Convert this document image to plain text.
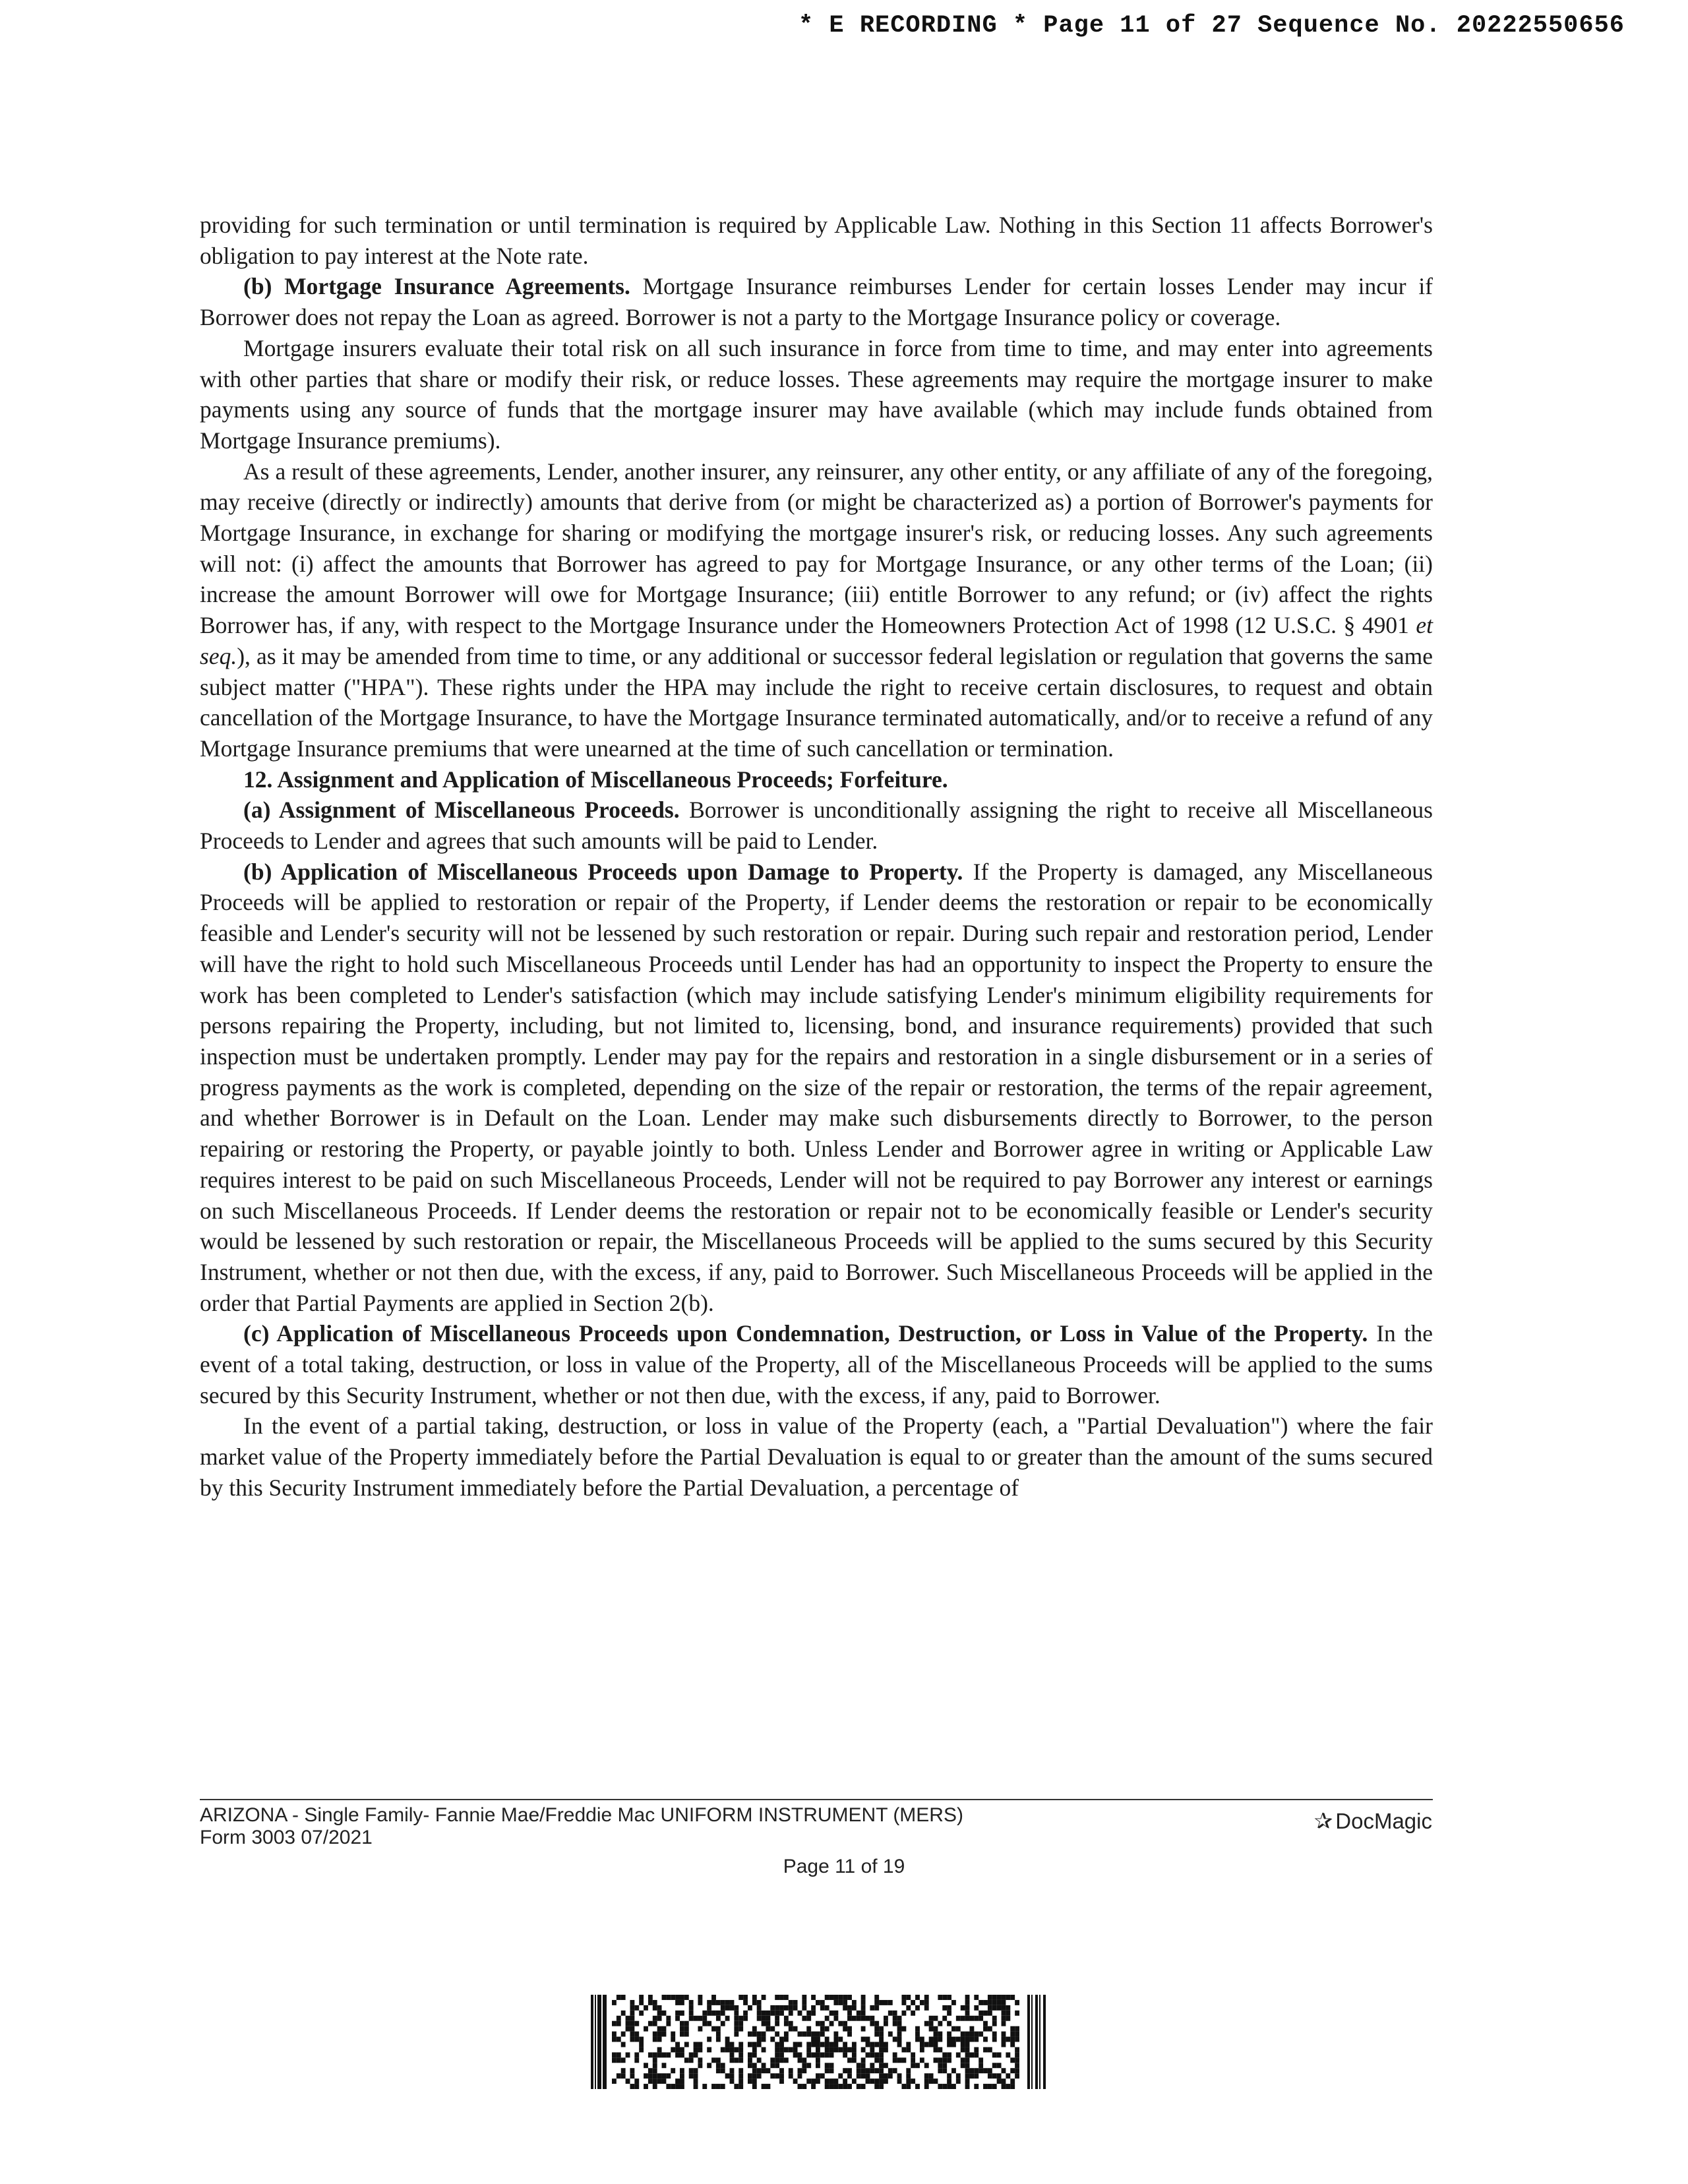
* E RECORDING * Page 11 of 27 Sequence No. 20222550656

providing for such termination or until termination is required by Applicable Law. Nothing in this Section 11 affects Borrower's obligation to pay interest at the Note rate.

(b) Mortgage Insurance Agreements. Mortgage Insurance reimburses Lender for certain losses Lender may incur if Borrower does not repay the Loan as agreed. Borrower is not a party to the Mortgage Insurance policy or coverage.

Mortgage insurers evaluate their total risk on all such insurance in force from time to time, and may enter into agreements with other parties that share or modify their risk, or reduce losses. These agreements may require the mortgage insurer to make payments using any source of funds that the mortgage insurer may have available (which may include funds obtained from Mortgage Insurance premiums).

As a result of these agreements, Lender, another insurer, any reinsurer, any other entity, or any affiliate of any of the foregoing, may receive (directly or indirectly) amounts that derive from (or might be characterized as) a portion of Borrower's payments for Mortgage Insurance, in exchange for sharing or modifying the mortgage insurer's risk, or reducing losses. Any such agreements will not: (i) affect the amounts that Borrower has agreed to pay for Mortgage Insurance, or any other terms of the Loan; (ii) increase the amount Borrower will owe for Mortgage Insurance; (iii) entitle Borrower to any refund; or (iv) affect the rights Borrower has, if any, with respect to the Mortgage Insurance under the Homeowners Protection Act of 1998 (12 U.S.C. § 4901 et seq.), as it may be amended from time to time, or any additional or successor federal legislation or regulation that governs the same subject matter ("HPA"). These rights under the HPA may include the right to receive certain disclosures, to request and obtain cancellation of the Mortgage Insurance, to have the Mortgage Insurance terminated automatically, and/or to receive a refund of any Mortgage Insurance premiums that were unearned at the time of such cancellation or termination.

12. Assignment and Application of Miscellaneous Proceeds; Forfeiture.

(a) Assignment of Miscellaneous Proceeds. Borrower is unconditionally assigning the right to receive all Miscellaneous Proceeds to Lender and agrees that such amounts will be paid to Lender.

(b) Application of Miscellaneous Proceeds upon Damage to Property. If the Property is damaged, any Miscellaneous Proceeds will be applied to restoration or repair of the Property, if Lender deems the restoration or repair to be economically feasible and Lender's security will not be lessened by such restoration or repair. During such repair and restoration period, Lender will have the right to hold such Miscellaneous Proceeds until Lender has had an opportunity to inspect the Property to ensure the work has been completed to Lender's satisfaction (which may include satisfying Lender's minimum eligibility requirements for persons repairing the Property, including, but not limited to, licensing, bond, and insurance requirements) provided that such inspection must be undertaken promptly. Lender may pay for the repairs and restoration in a single disbursement or in a series of progress payments as the work is completed, depending on the size of the repair or restoration, the terms of the repair agreement, and whether Borrower is in Default on the Loan. Lender may make such disbursements directly to Borrower, to the person repairing or restoring the Property, or payable jointly to both. Unless Lender and Borrower agree in writing or Applicable Law requires interest to be paid on such Miscellaneous Proceeds, Lender will not be required to pay Borrower any interest or earnings on such Miscellaneous Proceeds. If Lender deems the restoration or repair not to be economically feasible or Lender's security would be lessened by such restoration or repair, the Miscellaneous Proceeds will be applied to the sums secured by this Security Instrument, whether or not then due, with the excess, if any, paid to Borrower. Such Miscellaneous Proceeds will be applied in the order that Partial Payments are applied in Section 2(b).

(c) Application of Miscellaneous Proceeds upon Condemnation, Destruction, or Loss in Value of the Property. In the event of a total taking, destruction, or loss in value of the Property, all of the Miscellaneous Proceeds will be applied to the sums secured by this Security Instrument, whether or not then due, with the excess, if any, paid to Borrower.

In the event of a partial taking, destruction, or loss in value of the Property (each, a "Partial Devaluation") where the fair market value of the Property immediately before the Partial Devaluation is equal to or greater than the amount of the sums secured by this Security Instrument immediately before the Partial Devaluation, a percentage of

ARIZONA - Single Family- Fannie Mae/Freddie Mac UNIFORM INSTRUMENT (MERS)
Form 3003 07/2021
✰ DocMagic
Page 11 of 19
